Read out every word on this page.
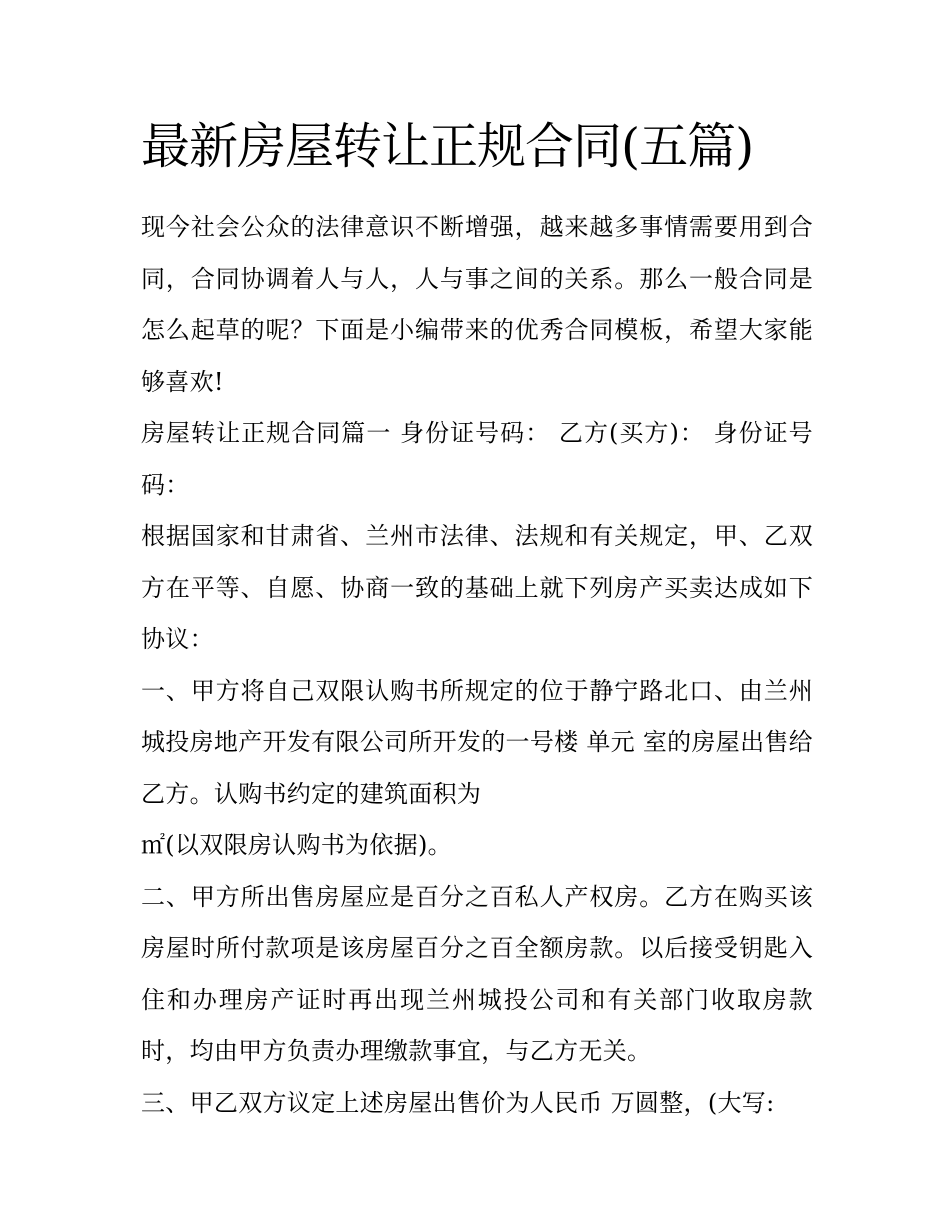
最新房屋转让正规合同(五篇)

现今社会公众的法律意识不断增强，越来越多事情需要用到合同，合同协调着人与人，人与事之间的关系。那么一般合同是怎么起草的呢？下面是小编带来的优秀合同模板，希望大家能够喜欢!

房屋转让正规合同篇一 身份证号码： 乙方(买方)： 身份证号码：

根据国家和甘肃省、兰州市法律、法规和有关规定，甲、乙双方在平等、自愿、协商一致的基础上就下列房产买卖达成如下协议：

一、甲方将自己双限认购书所规定的位于静宁路北口、由兰州城投房地产开发有限公司所开发的一号楼 单元 室的房屋出售给乙方。认购书约定的建筑面积为

㎡(以双限房认购书为依据)。

二、甲方所出售房屋应是百分之百私人产权房。乙方在购买该房屋时所付款项是该房屋百分之百全额房款。以后接受钥匙入住和办理房产证时再出现兰州城投公司和有关部门收取房款时，均由甲方负责办理缴款事宜，与乙方无关。

三、甲乙双方议定上述房屋出售价为人民币 万圆整，(大写:
